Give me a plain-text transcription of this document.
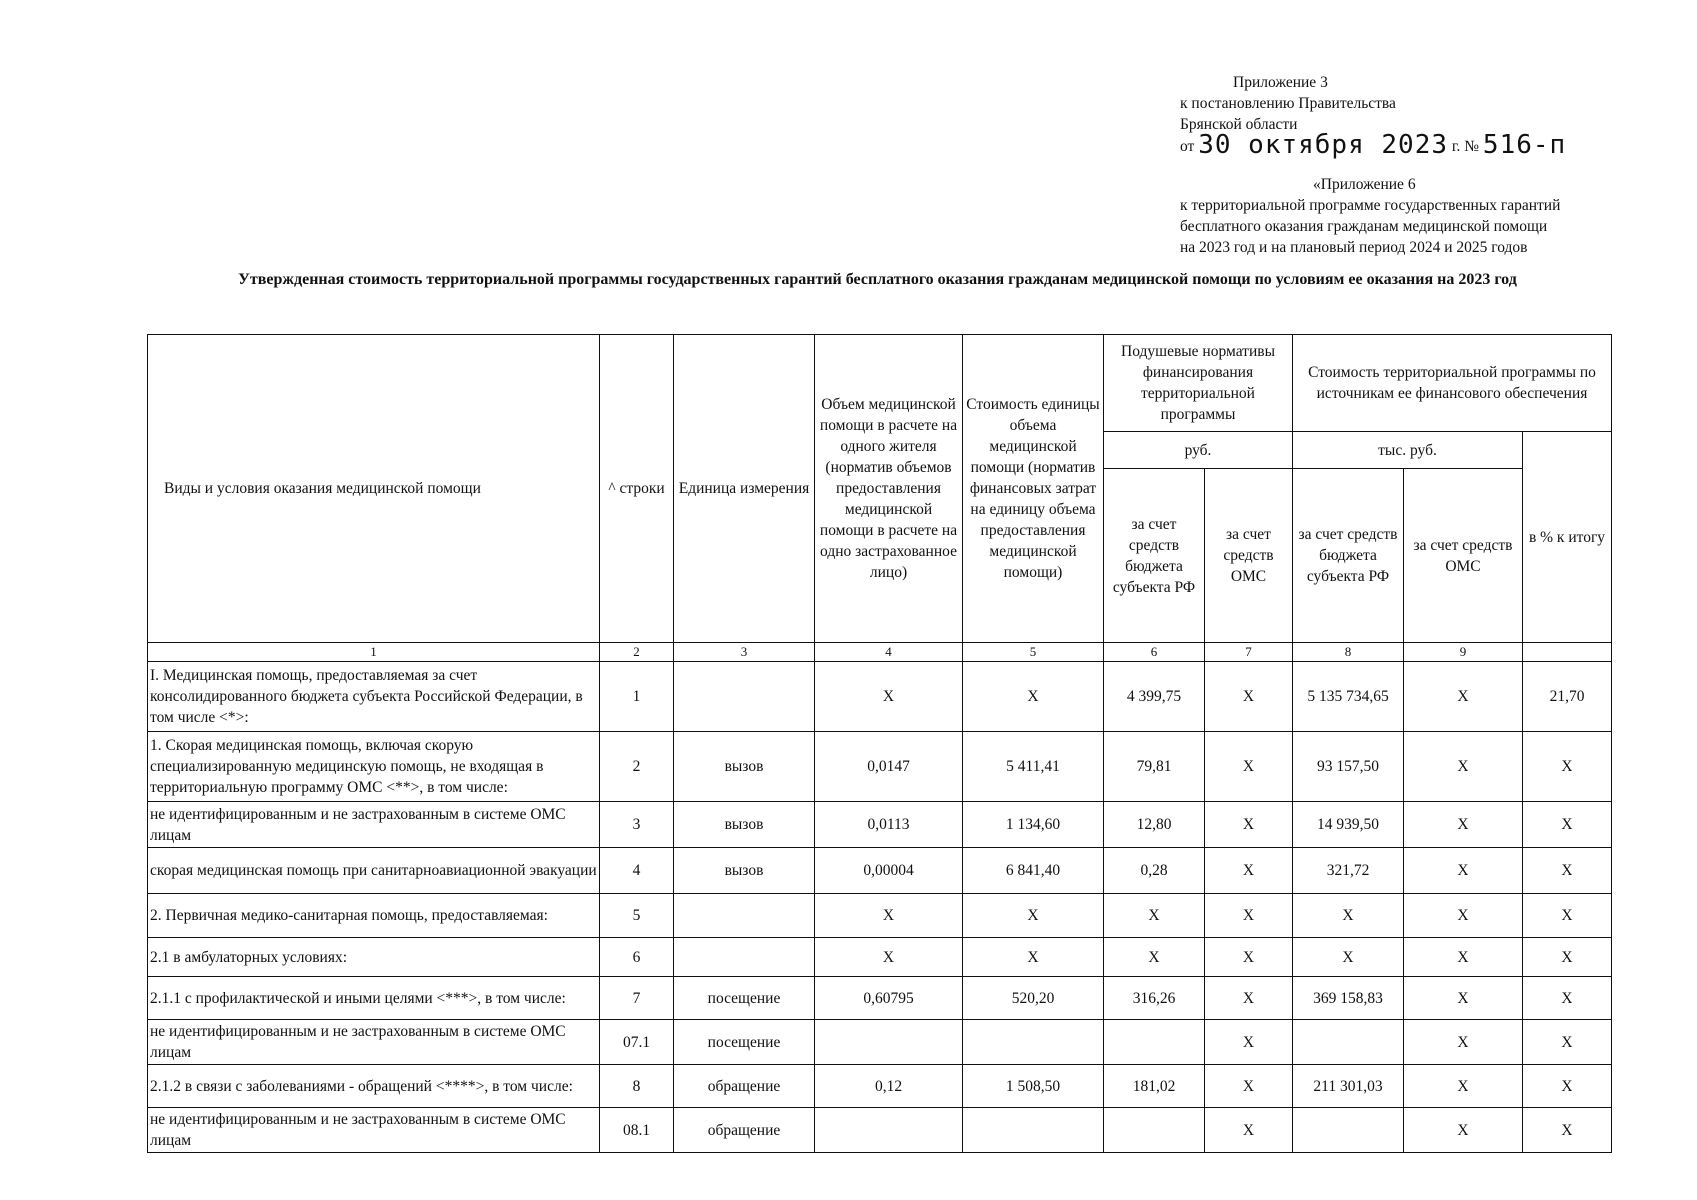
Приложение 3
к постановлению Правительства
Брянской области
от 30 октября 2023 г. № 516-п
«Приложение 6
к территориальной программе государственных гарантий
бесплатного оказания гражданам медицинской помощи
на 2023 год и на плановый период 2024 и 2025 годов
Утвержденная стоимость территориальной программы государственных гарантий бесплатного оказания гражданам медицинской помощи по условиям ее оказания на 2023 год
Виды и условия оказания медицинской помощи	^ строки	Единица измерения	Объем медицинской помощи в расчете на одного жителя (норматив объемов предоставления медицинской помощи в расчете на одно застрахованное лицо)	Стоимость единицы объема медицинской помощи (норматив финансовых затрат на единицу объема предоставления медицинской помощи)	Подушевые нормативы финансирования территориальной программы		Стоимость территориальной программы по источникам ее финансового обеспечения		
					руб.		тыс. руб.		в % к итогу
					за счет средств бюджета субъекта РФ	за счет средств ОМС	за счет средств бюджета субъекта РФ	за счет средств ОМС	
1	2	3	4	5	6	7	8	9	
I. Медицинская помощь, предоставляемая за счет консолидированного бюджета субъекта Российской Федерации, в том числе <*>:	1		X	X	4 399,75	X	5 135 734,65	X	21,70
1. Скорая медицинская помощь, включая скорую специализированную медицинскую помощь, не входящая в территориальную программу ОМС <**>, в том числе:	2	вызов	0,0147	5 411,41	79,81	X	93 157,50	X	X
не идентифицированным и не застрахованным в системе ОМС лицам	3	вызов	0,0113	1 134,60	12,80	X	14 939,50	X	X
скорая медицинская помощь при санитарноавиационной эвакуации	4	вызов	0,00004	6 841,40	0,28	X	321,72	X	X
2. Первичная медико-санитарная помощь, предоставляемая:	5		X	X	X	X	X	X	X
2.1 в амбулаторных условиях:	6		X	X	X	X	X	X	X
2.1.1 с профилактической и иными целями <***>, в том числе:	7	посещение	0,60795	520,20	316,26	X	369 158,83	X	X
не идентифицированным и не застрахованным в системе ОМС лицам	07.1	посещение				X		X	X
2.1.2 в связи с заболеваниями - обращений <****>, в том числе:	8	обращение	0,12	1 508,50	181,02	X	211 301,03	X	X
не идентифицированным и не застрахованным в системе ОМС лицам	08.1	обращение				X		X	X
